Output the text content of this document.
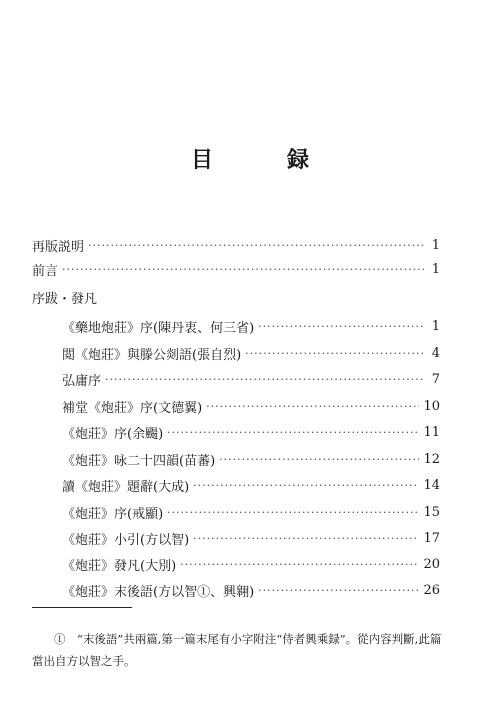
目　録
再版説明 ·····	1
前言 ·····	1
序跋・發凡
《藥地炮莊》序(陳丹衷、何三省) ·····	1
閲《炮莊》與滕公剡語(張自烈) ·····	4
弘庸序 ·····	7
補堂《炮莊》序(文德翼) ·····	10
《炮莊》序(余颺) ·····	11
《炮莊》咏二十四韻(苗蕃) ·····	12
讀《炮莊》題辭(大成) ·····	14
《炮莊》序(戒顯) ·····	15
《炮莊》小引(方以智) ·····	17
《炮莊》發凡(大別) ·····	20
《炮莊》末後語(方以智①、興翱) ·····	26
①　“末後語”共兩篇,第一篇末尾有小字附注“侍者興乘録”。從内容判斷,此篇當出自方以智之手。
